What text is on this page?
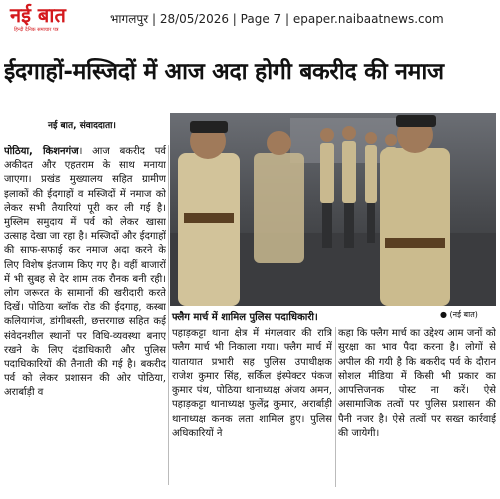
नई बात
हिन्दी दैनिक समाचार पत्र
भागलपुर | 28/05/2026 | Page 7 | epaper.naibaatnews.com
ईदगाहों-मस्जिदों में आज अदा होगी बकरीद की नमाज
नई बात, संवाददाता।
पोठिया, किशनगंज। आज बकरीद पर्व अकीदत और एहतराम के साथ मनाया जाएगा। प्रखंड मुख्यालय सहित ग्रामीण इलाकों की ईदगाहों व मस्जिदों में नमाज को लेकर सभी तैयारियां पूरी कर ली गई है। मुस्लिम समुदाय में पर्व को लेकर खासा उत्साह देखा जा रहा है। मस्जिदों और ईदगाहों की साफ-सफाई कर नमाज अदा करने के लिए विशेष इंतजाम किए गए है। वहीं बाजारों में भी सुबह से देर शाम तक रौनक बनी रही। लोग जरूरत के सामानों की खरीदारी करते दिखें। पोठिया ब्लॉक रोड की ईदगाह, कस्बा कलियागंज, डांगीबस्ती, छत्तरगाछ सहित कई संवेदनशील स्थानों पर विधि-व्यवस्था बनाए रखने के लिए दंडाधिकारी और पुलिस पदाधिकारियों की तैनाती की गई है। बकरीद पर्व को लेकर प्रशासन की ओर पोठिया, अरार्बाड़ी व
फ्लैग मार्च में शामिल पुलिस पदाधिकारी।	● (नई बात)
पहाड़कट्टा थाना क्षेत्र में मंगलवार की रात्रि फ्लैग मार्च भी निकाला गया। फ्लैग मार्च में यातायात प्रभारी सह पुलिस उपाधीक्षक राजेश कुमार सिंह, सर्किल इंस्पेक्टर पंकज कुमार पंथ, पोठिया थानाध्यक्ष अंजय अमन, पहाड़कट्टा थानाध्यक्ष फुलेंद्र कुमार, अरार्बाड़ी थानाध्यक्ष कनक लता शामिल हुए। पुलिस अधिकारियों ने
कहा कि फ्लैग मार्च का उद्देश्य आम जनों को सुरक्षा का भाव पैदा करना है। लोगों से अपील की गयी है कि बकरीद पर्व के दौरान सोशल मीडिया में किसी भी प्रकार का आपत्तिजनक पोस्ट ना करें। ऐसे असामाजिक तत्वों पर पुलिस प्रशासन की पैनी नजर है। ऐसे तत्वों पर सख्त कार्रवाई की जायेगी।
